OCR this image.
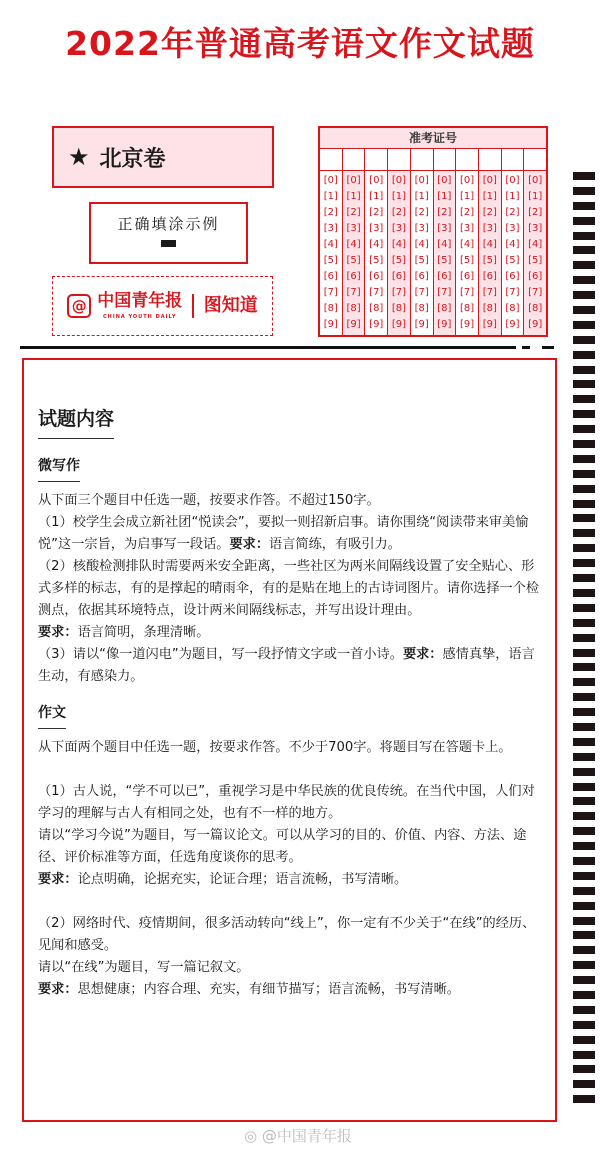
2022年普通高考语文作文试题
★ 北京卷
正确填涂示例
@ 中国青年报
CHINA YOUTH DAILY
图知道
准考证号
[0]
[1]
[2]
[3]
[4]
[5]
[6]
[7]
[8]
[9]
[0]
[1]
[2]
[3]
[4]
[5]
[6]
[7]
[8]
[9]
[0]
[1]
[2]
[3]
[4]
[5]
[6]
[7]
[8]
[9]
[0]
[1]
[2]
[3]
[4]
[5]
[6]
[7]
[8]
[9]
[0]
[1]
[2]
[3]
[4]
[5]
[6]
[7]
[8]
[9]
[0]
[1]
[2]
[3]
[4]
[5]
[6]
[7]
[8]
[9]
[0]
[1]
[2]
[3]
[4]
[5]
[6]
[7]
[8]
[9]
[0]
[1]
[2]
[3]
[4]
[5]
[6]
[7]
[8]
[9]
[0]
[1]
[2]
[3]
[4]
[5]
[6]
[7]
[8]
[9]
[0]
[1]
[2]
[3]
[4]
[5]
[6]
[7]
[8]
[9]
试题内容
微写作

从下面三个题目中任选一题，按要求作答。不超过150字。

（1）校学生会成立新社团“悦读会”，要拟一则招新启事。请你围绕“阅读带来审美愉悦”这一宗旨，为启事写一段话。要求：语言简练，有吸引力。

（2）核酸检测排队时需要两米安全距离，一些社区为两米间隔线设置了安全贴心、形式多样的标志，有的是撑起的晴雨伞，有的是贴在地上的古诗词图片。请你选择一个检测点，依据其环境特点，设计两米间隔线标志，并写出设计理由。
要求：语言简明，条理清晰。

（3）请以“像一道闪电”为题目，写一段抒情文字或一首小诗。要求：感情真挚，语言生动，有感染力。

作文

从下面两个题目中任选一题，按要求作答。不少于700字。将题目写在答题卡上。

（1）古人说，“学不可以已”，重视学习是中华民族的优良传统。在当代中国，人们对学习的理解与古人有相同之处，也有不一样的地方。
请以“学习今说”为题目，写一篇议论文。可以从学习的目的、价值、内容、方法、途径、评价标准等方面，任选角度谈你的思考。
要求：论点明确，论据充实，论证合理；语言流畅，书写清晰。

（2）网络时代、疫情期间，很多活动转向“线上”，你一定有不少关于“在线”的经历、见闻和感受。
请以“在线”为题目，写一篇记叙文。
要求：思想健康；内容合理、充实，有细节描写；语言流畅，书写清晰。

◎ @中国青年报
